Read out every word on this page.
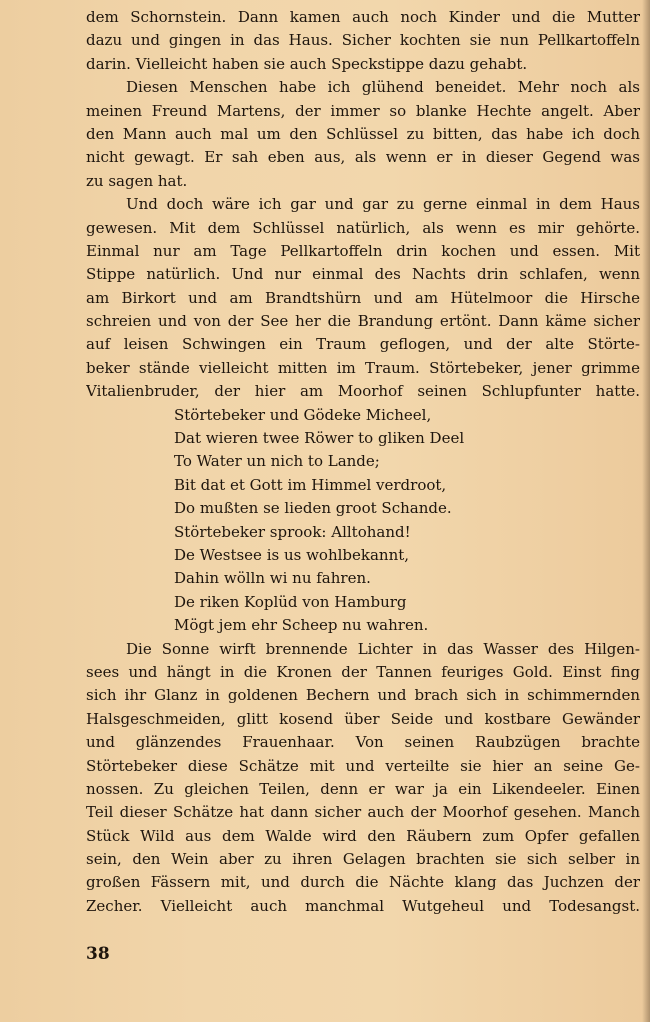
dem Schornstein. Dann kamen auch noch Kinder und die Mutter
dazu und gingen in das Haus. Sicher kochten sie nun Pellkartoffeln
darin. Vielleicht haben sie auch Speckstippe dazu gehabt.
Diesen Menschen habe ich glühend beneidet. Mehr noch als
meinen Freund Martens, der immer so blanke Hechte angelt. Aber
den Mann auch mal um den Schlüssel zu bitten, das habe ich doch
nicht gewagt. Er sah eben aus, als wenn er in dieser Gegend was
zu sagen hat.
Und doch wäre ich gar und gar zu gerne einmal in dem Haus
gewesen. Mit dem Schlüssel natürlich, als wenn es mir gehörte.
Einmal nur am Tage Pellkartoffeln drin kochen und essen. Mit
Stippe natürlich. Und nur einmal des Nachts drin schlafen, wenn
am Birkort und am Brandtshürn und am Hütelmoor die Hirsche
schreien und von der See her die Brandung ertönt. Dann käme sicher
auf leisen Schwingen ein Traum geflogen, und der alte Störte-
beker stände vielleicht mitten im Traum. Störtebeker, jener grimme
Vitalienbruder, der hier am Moorhof seinen Schlupfunter hatte.
Störtebeker und Gödeke Micheel,
Dat wieren twee Röwer to gliken Deel
To Water un nich to Lande;
Bit dat et Gott im Himmel verdroot,
Do mußten se lieden groot Schande.
Störtebeker sprook: Alltohand!
De Westsee is us wohlbekannt,
Dahin wölln wi nu fahren.
De riken Koplüd von Hamburg
Mögt jem ehr Scheep nu wahren.
Die Sonne wirft brennende Lichter in das Wasser des Hilgen-
sees und hängt in die Kronen der Tannen feuriges Gold. Einst fing
sich ihr Glanz in goldenen Bechern und brach sich in schimmernden
Halsgeschmeiden, glitt kosend über Seide und kostbare Gewänder
und glänzendes Frauenhaar. Von seinen Raubzügen brachte
Störtebeker diese Schätze mit und verteilte sie hier an seine Ge-
nossen. Zu gleichen Teilen, denn er war ja ein Likendeeler. Einen
Teil dieser Schätze hat dann sicher auch der Moorhof gesehen. Manch
Stück Wild aus dem Walde wird den Räubern zum Opfer gefallen
sein, den Wein aber zu ihren Gelagen brachten sie sich selber in
großen Fässern mit, und durch die Nächte klang das Juchzen der
Zecher. Vielleicht auch manchmal Wutgeheul und Todesangst.
38
